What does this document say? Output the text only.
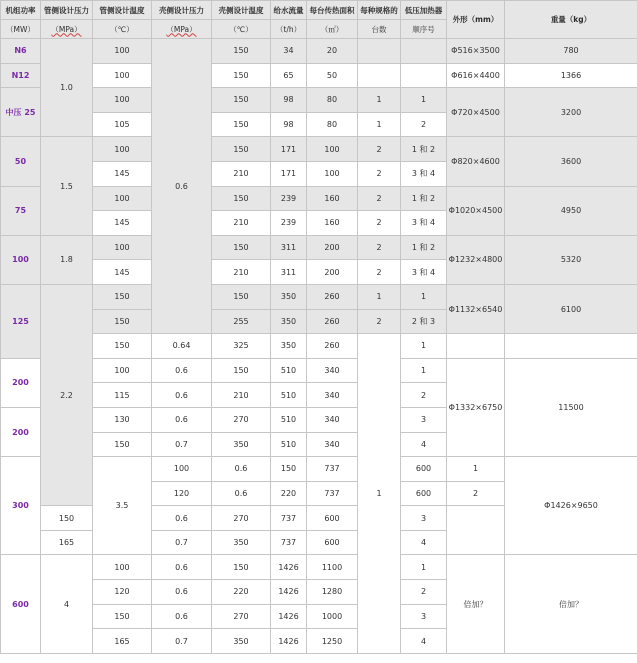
机组功率	管侧设计压力	管侧设计温度	壳侧设计压力	壳侧设计温度	给水流量	每台传热面积	每种规格的	低压加热器	外形（mm）	重量（kg）	
（MW）	（MPa）	（℃）	（MPa）	（℃）	（t/h）	（㎡）	台数	顺序号			
N6	1.0	100	0.6	150	34	20			Φ516×3500	780	
N12		100		150	65	50			Φ616×4400	1366	
中压 25		100		150	98	80	1	1	Φ720×4500	3200	
		105		150	98	80	1	2			
50	1.5	100		150	171	100	2	1 和 2	Φ820×4600	3600	
		145		210	171	100	2	3 和 4			
75		100		150	239	160	2	1 和 2	Φ1020×4500	4950	
		145		210	239	160	2	3 和 4			
100	1.8	100		150	311	200	2	1 和 2	Φ1232×4800	5320	
		145		210	311	200	2	3 和 4			
125	2.2	150		150	350	260	1	1	Φ1132×6540	6100	
		150		255	350	260	2	2 和 3			
		150	0.64	325	350	260	1	1			
200		100	0.6	150	510	340		1	Φ1332×6750	11500	
		115	0.6	210	510	340		2			
200		130	0.6	270	510	340		3			
		150	0.7	350	510	340		4			
300		3.5	100	0.6	150	737		600	1	Φ1426×9650	
			120	0.6	220	737		600	2		
	150		0.6	270	737	600		3			
	165		0.7	350	737	600		4			
600	4	100	0.6	150	1426	1100		1	倍加？	倍加？	
		120	0.6	220	1426	1280		2			
		150	0.6	270	1426	1000		3			
		165	0.7	350	1426	1250		4			
